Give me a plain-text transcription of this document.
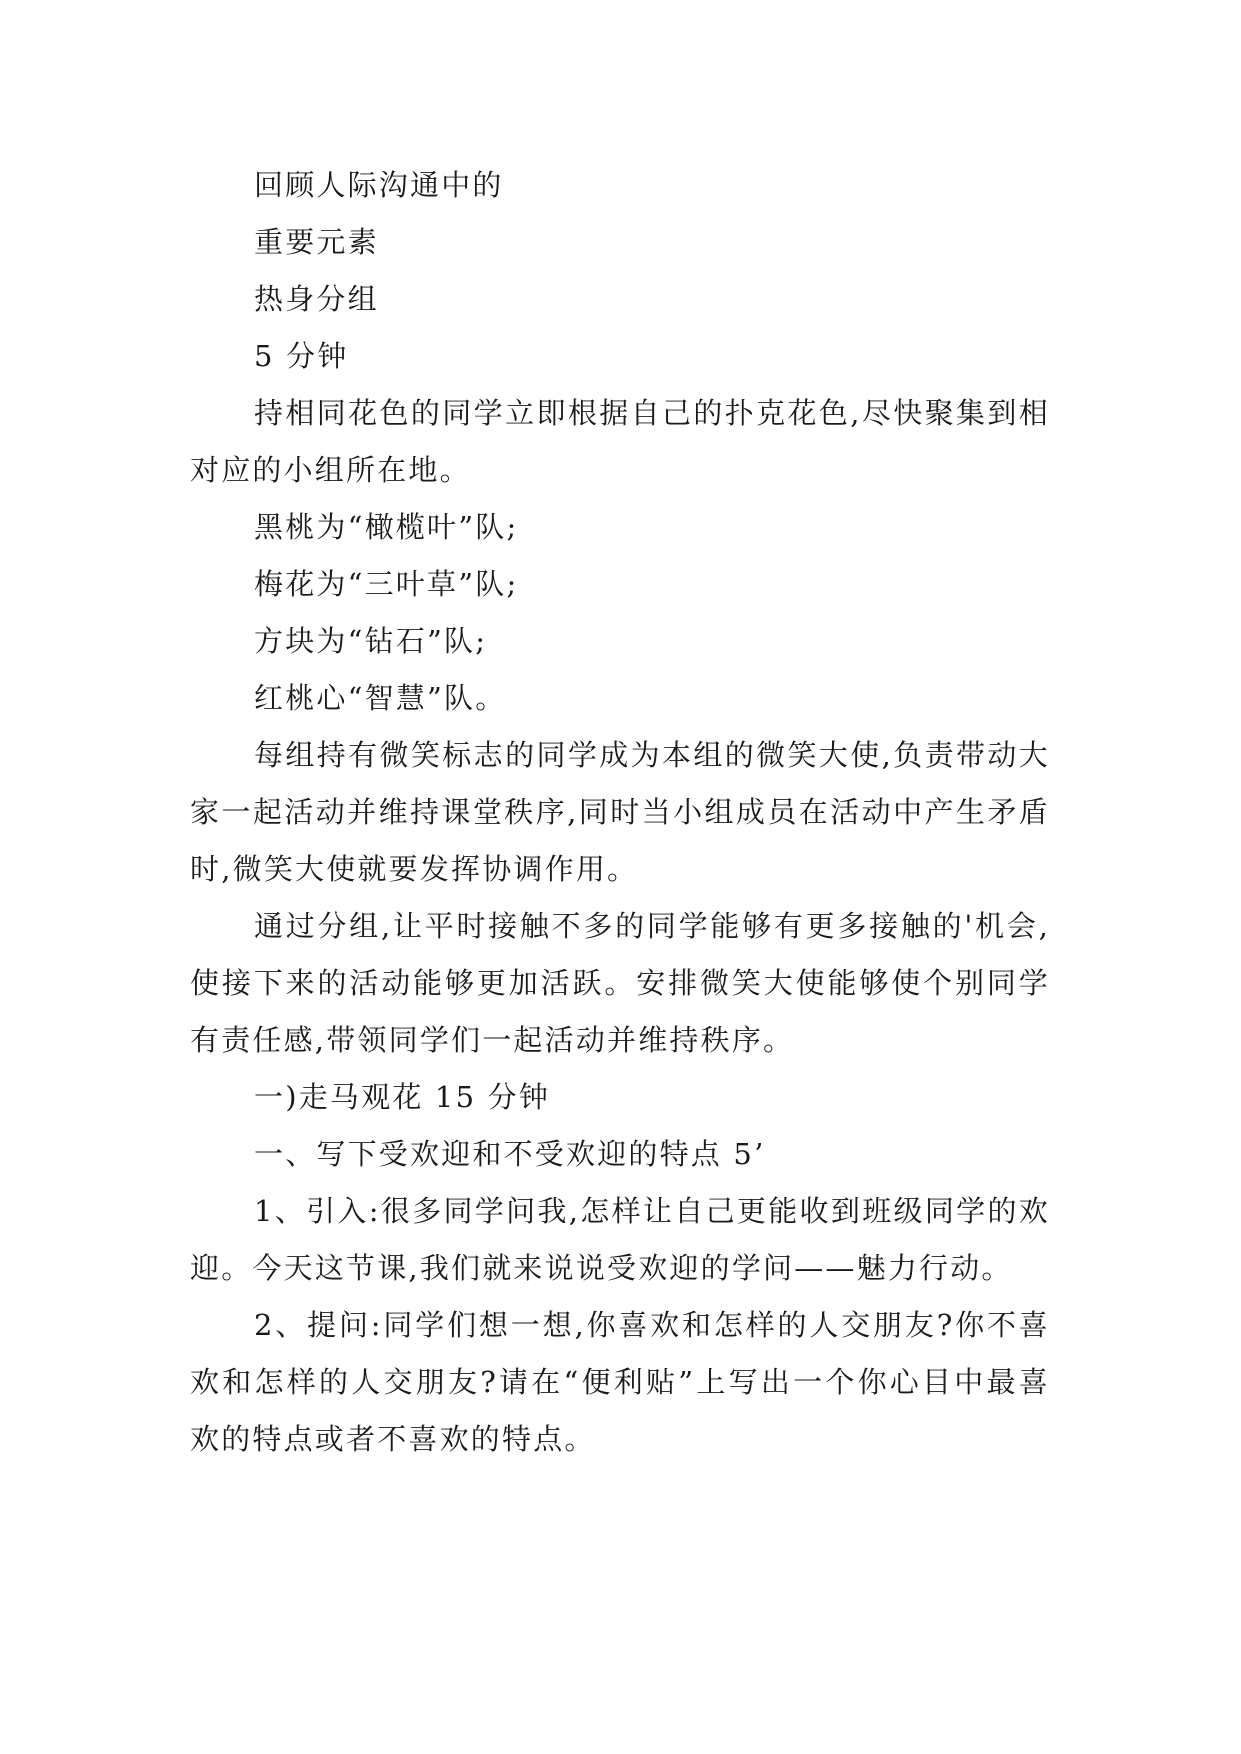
回顾人际沟通中的

重要元素

热身分组

5 分钟

持相同花色的同学立即根据自己的扑克花色,尽快聚集到相对应的小组所在地。

黑桃为“橄榄叶”队;

梅花为“三叶草”队;

方块为“钻石”队;

红桃心“智慧”队。

每组持有微笑标志的同学成为本组的微笑大使,负责带动大家一起活动并维持课堂秩序,同时当小组成员在活动中产生矛盾时,微笑大使就要发挥协调作用。

通过分组,让平时接触不多的同学能够有更多接触的'机会,使接下来的活动能够更加活跃。安排微笑大使能够使个别同学有责任感,带领同学们一起活动并维持秩序。

一)走马观花 15 分钟

一、写下受欢迎和不受欢迎的特点 5’

1、引入:很多同学问我,怎样让自己更能收到班级同学的欢迎。今天这节课,我们就来说说受欢迎的学问——魅力行动。

2、提问:同学们想一想,你喜欢和怎样的人交朋友?你不喜欢和怎样的人交朋友?请在“便利贴”上写出一个你心目中最喜欢的特点或者不喜欢的特点。
